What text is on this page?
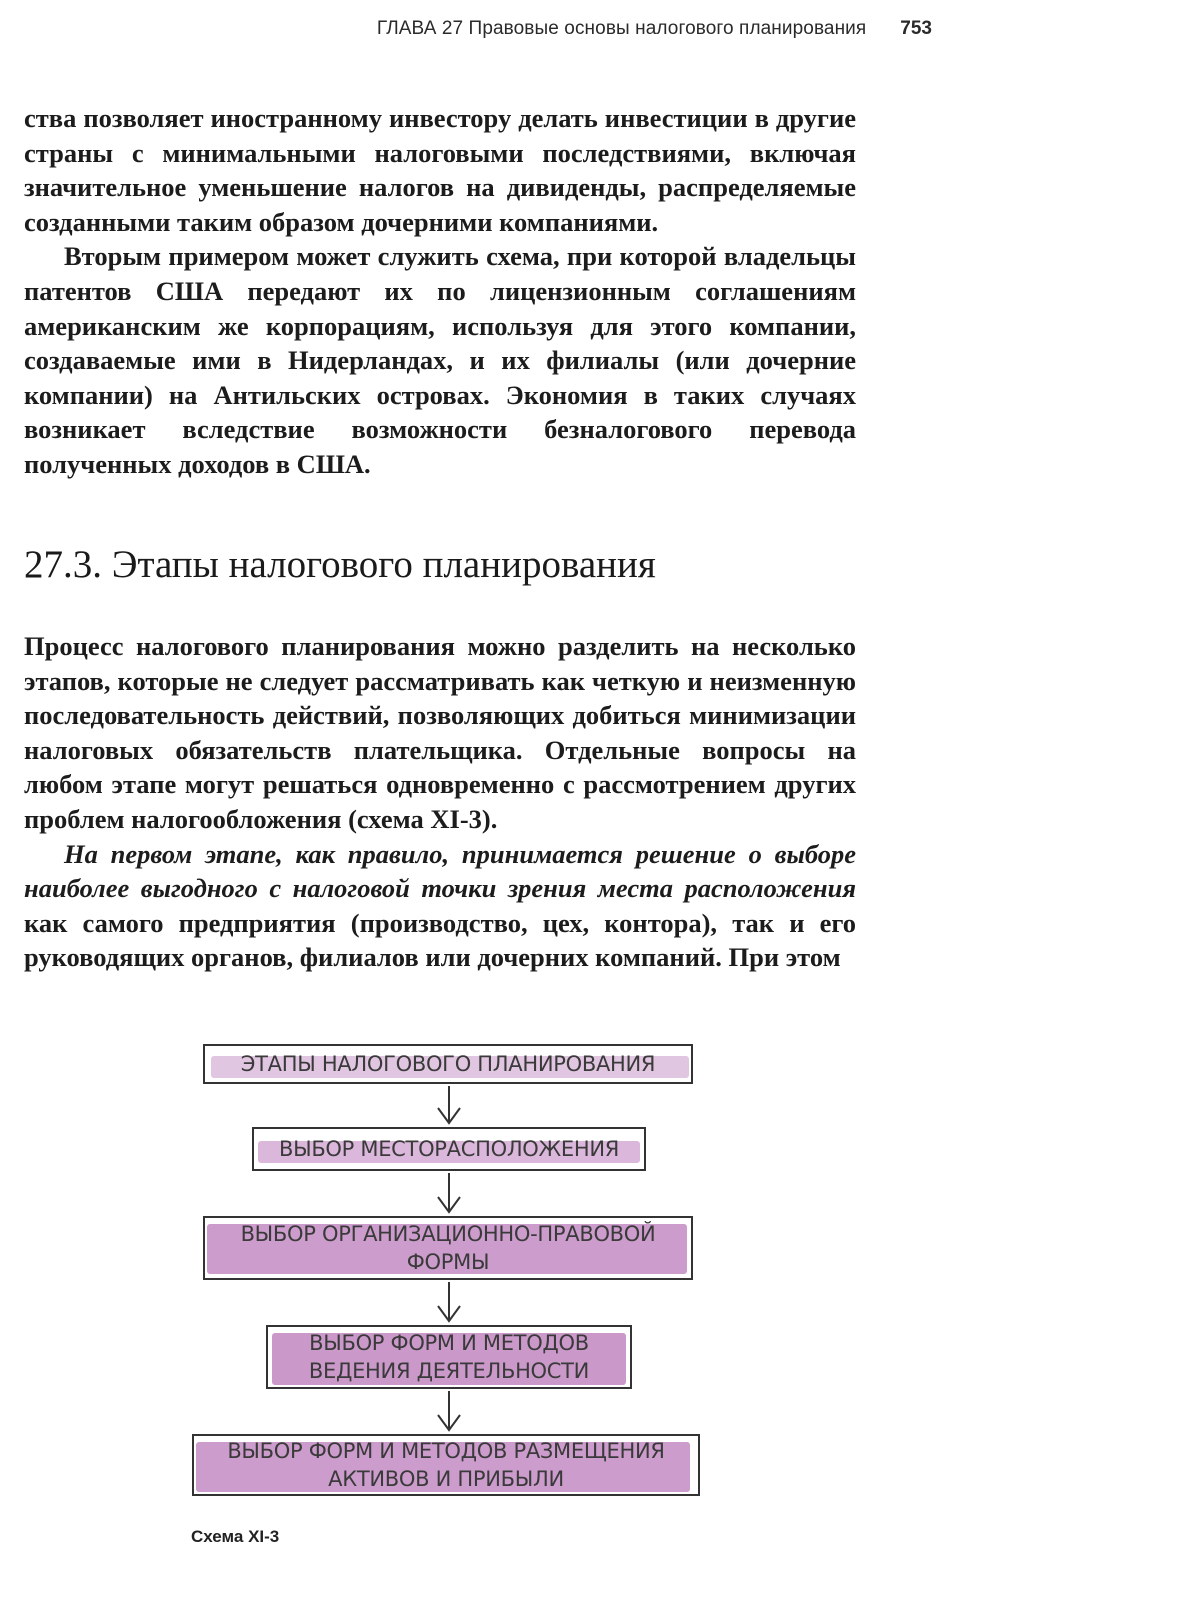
ГЛАВА 27 Правовые основы налогового планирования 753

ства позволяет иностранному инвестору делать инвестиции в другие страны с минимальными налоговыми последствиями, включая значительное уменьшение налогов на дивиденды, распределяемые созданными таким образом дочерними компаниями.

Вторым примером может служить схема, при которой владельцы патентов США передают их по лицензионным соглашениям американским же корпорациям, используя для этого компании, создаваемые ими в Нидерландах, и их филиалы (или дочерние компании) на Антильских островах. Экономия в таких случаях возникает вследствие возможности безналогового перевода полученных доходов в США.

27.3. Этапы налогового планирования

Процесс налогового планирования можно разделить на несколько этапов, которые не следует рассматривать как четкую и неизменную последовательность действий, позволяющих добиться минимизации налоговых обязательств плательщика. Отдельные вопросы на любом этапе могут решаться одновременно с рассмотрением других проблем налогообложения (схема XI-3).

На первом этапе, как правило, принимается решение о выборе наиболее выгодного с налоговой точки зрения места расположения как самого предприятия (производство, цех, контора), так и его руководящих органов, филиалов или дочерних компаний. При этом

ЭТАПЫ НАЛОГОВОГО ПЛАНИРОВАНИЯ
ВЫБОР МЕСТОРАСПОЛОЖЕНИЯ
ВЫБОР ОРГАНИЗАЦИОННО-ПРАВОВОЙ
ФОРМЫ
ВЫБОР ФОРМ И МЕТОДОВ
ВЕДЕНИЯ ДЕЯТЕЛЬНОСТИ
ВЫБОР ФОРМ И МЕТОДОВ РАЗМЕЩЕНИЯ
АКТИВОВ И ПРИБЫЛИ
Схема XI-3
